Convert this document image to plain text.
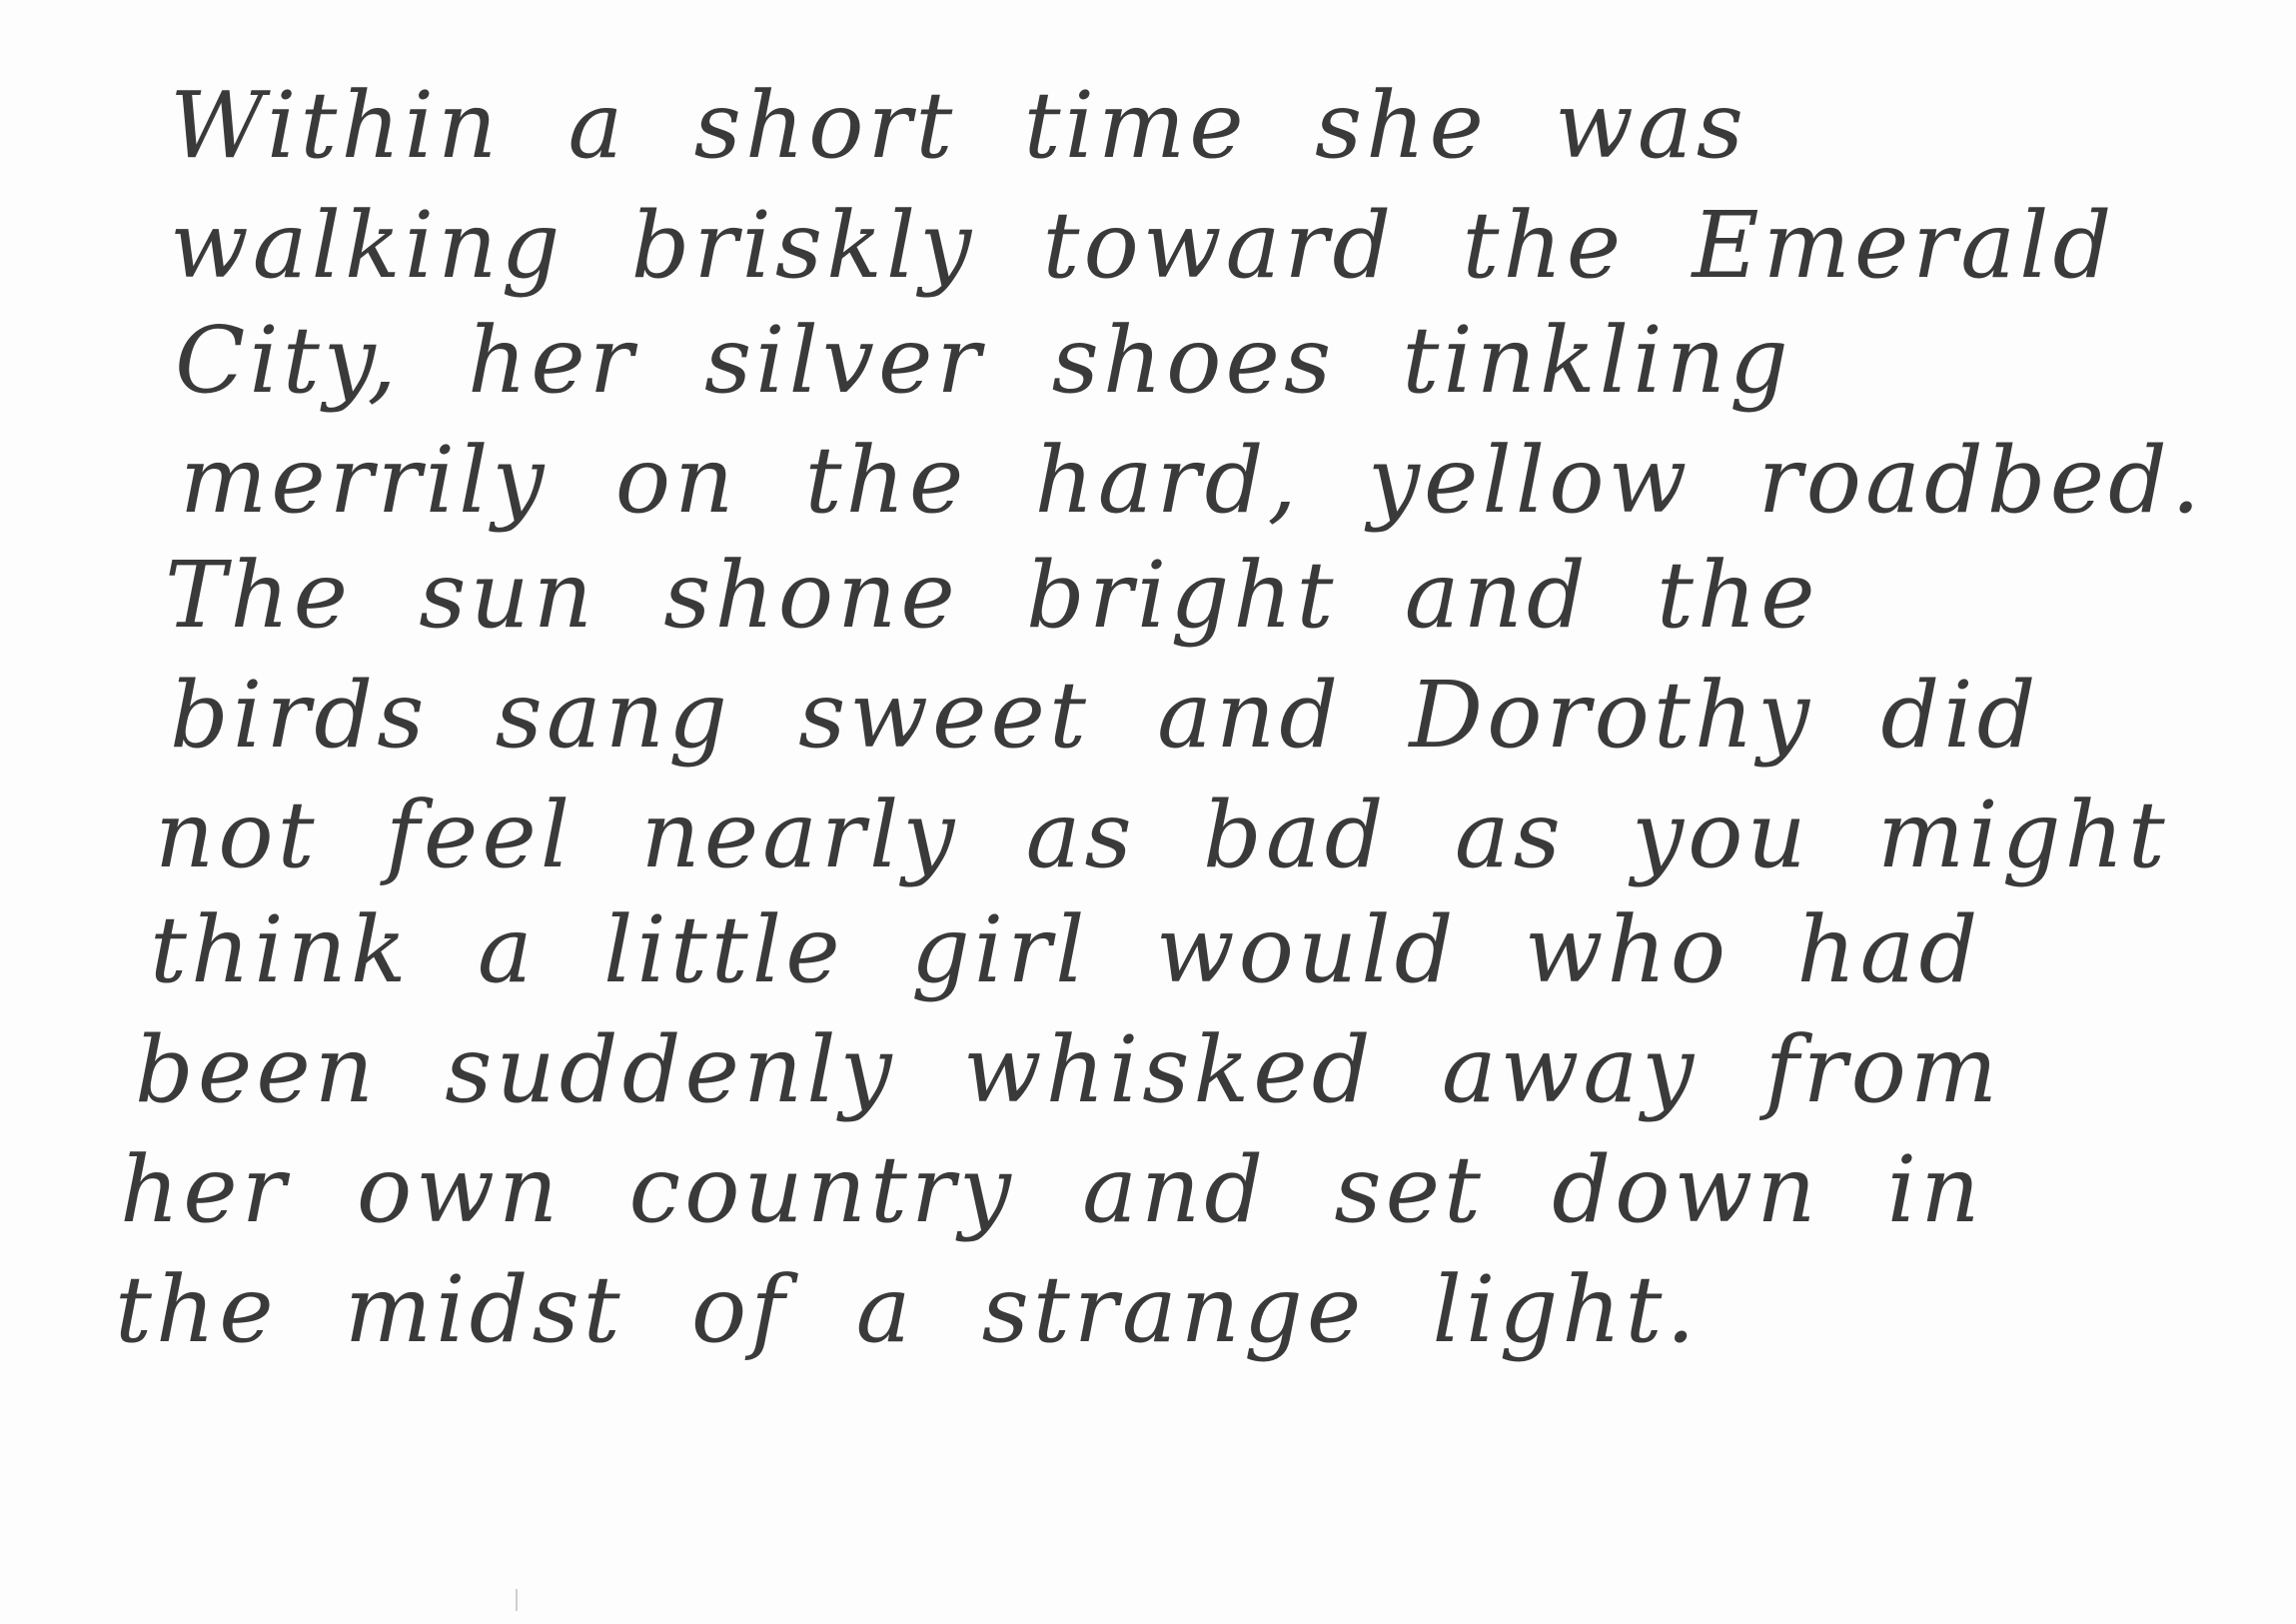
Within a short time she was
walking briskly toward the Emerald
City, her silver shoes tinkling
merrily on the hard, yellow roadbed.
The sun shone bright and the
birds sang sweet and Dorothy did
not feel nearly as bad as you might
think a little girl would who had
been suddenly whisked away from
her own country and set down in
the midst of a strange light.
